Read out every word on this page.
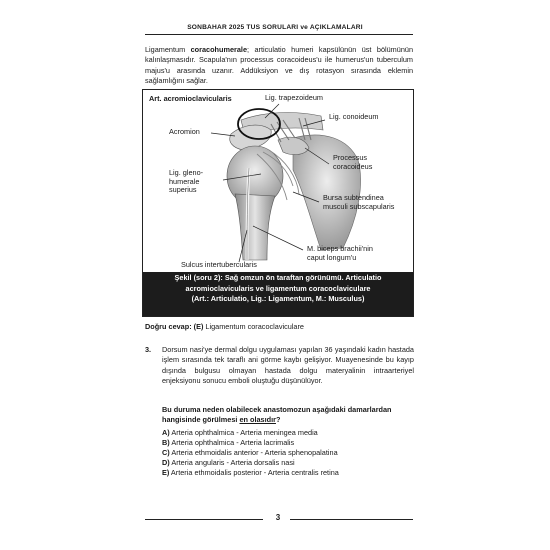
SONBAHAR 2025 TUS SORULARI ve AÇIKLAMALARI
Ligamentum coracohumerale; articulatio humeri kapsülünün üst bölümünün kalınlaşmasıdır. Scapula'nın processus coracoideus'u ile humerus'un tuberculum majus'u arasında uzanır. Addüksiyon ve dış rotasyon sırasında eklemin sağlamlığını sağlar.
Art. acromioclavicularis	Lig. trapezoideum
Lig. conoideum
Acromion
Processus
coracoideus
Lig. gleno-
humerale
superius
Bursa subtendinea
musculi subscapularis
M. biceps brachii'nin
caput longum'u
Sulcus intertubercularis
Şekil (soru 2): Sağ omzun ön taraftan görünümü. Articulatio
acromioclavicularis ve ligamentum coracoclaviculare
(Art.: Articulatio, Lig.: Ligamentum, M.: Musculus)
Doğru cevap: (E) Ligamentum coracoclaviculare
3. Dorsum nasi'ye dermal dolgu uygulaması yapılan 36 yaşındaki kadın hastada işlem sırasında tek taraflı ani görme kaybı gelişiyor. Muayenesinde bu kayıp dışında bulgusu olmayan hastada dolgu materyalinin intraarteriyel enjeksiyonu sonucu emboli oluştuğu düşünülüyor.
Bu duruma neden olabilecek anastomozun aşağıdaki damarlardan hangisinde görülmesi en olasıdır?
A) Arteria ophthalmica - Arteria meningea media
B) Arteria ophthalmica - Arteria lacrimalis
C) Arteria ethmoidalis anterior - Arteria sphenopalatina
D) Arteria angularis - Arteria dorsalis nasi
E) Arteria ethmoidalis posterior - Arteria centralis retina
3
